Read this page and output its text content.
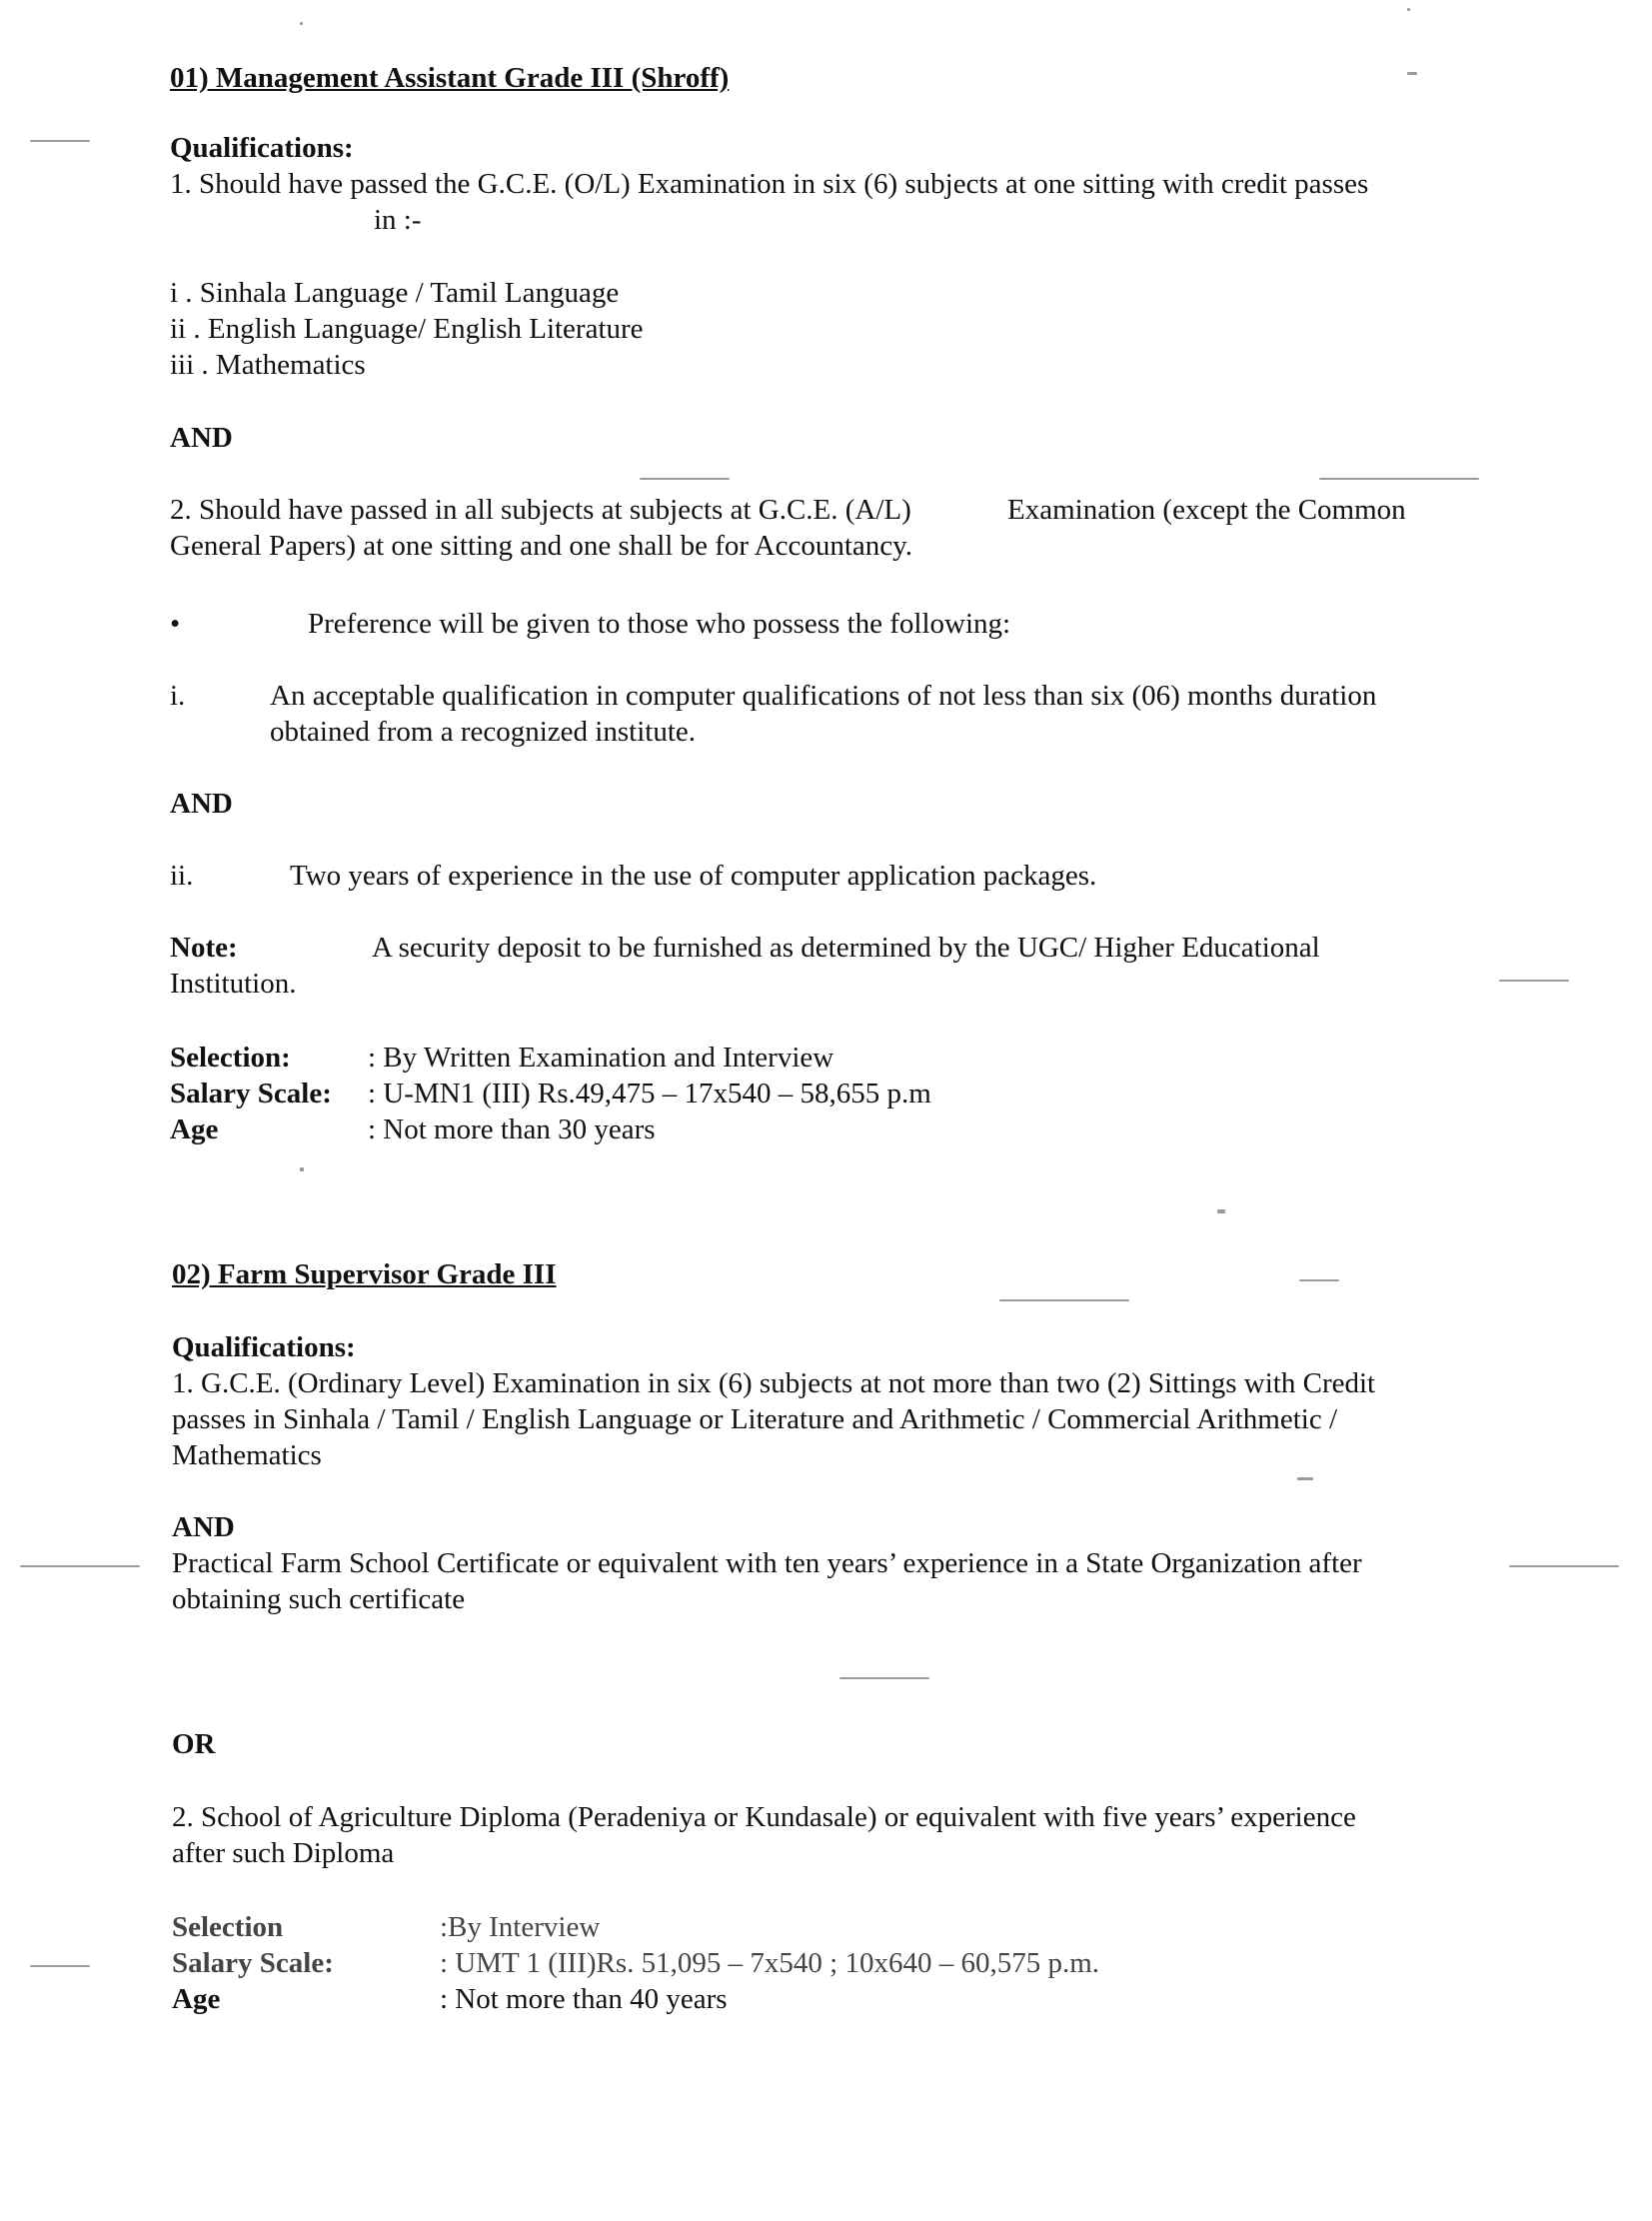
01) Management Assistant Grade III (Shroff)
Qualifications:
1. Should have passed the G.C.E. (O/L) Examination in six (6) subjects at one sitting with credit passes
in :-
i . Sinhala Language / Tamil Language
ii . English Language/ English Literature
iii . Mathematics
AND
2. Should have passed in all subjects at subjects at G.C.E. (A/L)	Examination (except the Common
General Papers) at one sitting and one shall be for Accountancy.
•	Preference will be given to those who possess the following:
i.	An acceptable qualification in computer qualifications of not less than six (06) months duration
obtained from a recognized institute.
AND
ii.	Two years of experience in the use of computer application packages.
Note:	A security deposit to be furnished as determined by the UGC/ Higher Educational
Institution.
Selection:	: By Written Examination and Interview
Salary Scale: : U-MN1 (III) Rs.49,475 – 17x540 – 58,655 p.m
Age	: Not more than 30 years
02) Farm Supervisor Grade III
Qualifications:
1. G.C.E. (Ordinary Level) Examination in six (6) subjects at not more than two (2) Sittings with Credit
passes in Sinhala / Tamil / English Language or Literature and Arithmetic / Commercial Arithmetic /
Mathematics
AND
Practical Farm School Certificate or equivalent with ten years’ experience in a State Organization after
obtaining such certificate
OR
2. School of Agriculture Diploma (Peradeniya or Kundasale) or equivalent with five years’ experience
after such Diploma
Selection	:By Interview
Salary Scale:	: UMT 1 (III)Rs. 51,095 – 7x540 ; 10x640 – 60,575 p.m.
Age	: Not more than 40 years
